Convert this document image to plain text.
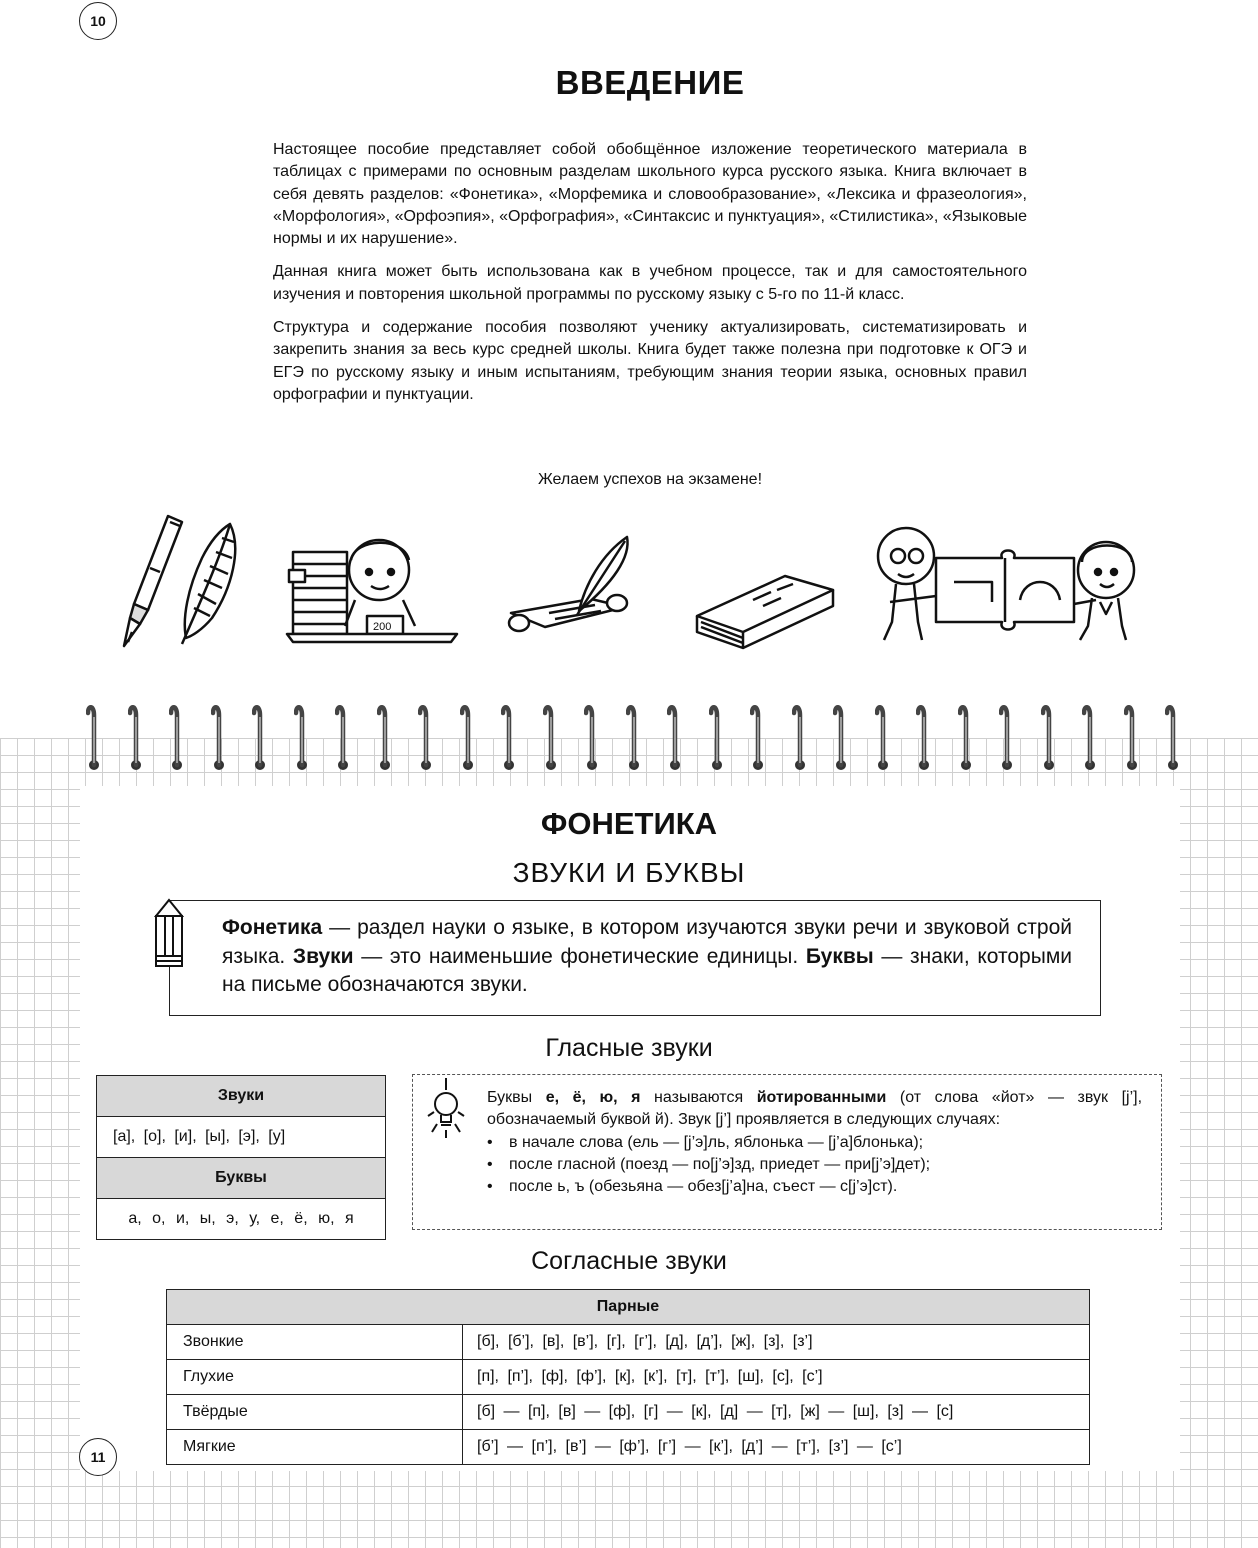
10
ВВЕДЕНИЕ

Настоящее пособие представляет собой обобщённое изложение теоретического материала в таблицах с примерами по основным разделам школьного курса русского языка. Книга включает в себя девять разделов: «Фонетика», «Морфемика и словообразование», «Лексика и фразеология», «Морфология», «Орфоэпия», «Орфография», «Синтаксис и пунктуация», «Стилистика», «Языковые нормы и их нарушение».

Данная книга может быть использована как в учебном процессе, так и для самостоятельного изучения и повторения школьной программы по русскому языку с 5-го по 11-й класс.

Структура и содержание пособия позволяют ученику актуализировать, систематизировать и закрепить знания за весь курс средней школы. Книга будет также полезна при подготовке к ОГЭ и ЕГЭ по русскому языку и иным испытаниям, требующим знания теории языка, основных правил орфографии и пунктуации.

Желаем успехов на экзамене!
200
ФОНЕТИКА
ЗВУКИ И БУКВЫ
Фонетика — раздел науки о языке, в котором изучаются звуки речи и звуковой строй языка. Звуки — это наименьшие фонетические единицы. Буквы — знаки, которыми на письме обозначаются звуки.
Гласные звуки
Звуки
[а], [о], [и], [ы], [э], [у]
Буквы
а, о, и, ы, э, у, е, ё, ю, я
Буквы е, ё, ю, я называются йотированными (от слова «йот» — звук [j’], обозначаемый буквой й). Звук [j’] проявляется в следующих случаях:
• в начале слова (ель — [j’э]ль, яблонька — [j’а]блонька);
• после гласной (поезд — по[j’э]зд, приедет — при[j’э]дет);
• после ь, ъ (обезьяна — обез[j’а]на, съест — с[j’э]ст).
Согласные звуки
Парные	
Звонкие	[б], [б’], [в], [в’], [г], [г’], [д], [д’], [ж], [з], [з’]
Глухие	[п], [п’], [ф], [ф’], [к], [к’], [т], [т’], [ш], [с], [с’]
Твёрдые	[б] — [п], [в] — [ф], [г] — [к], [д] — [т], [ж] — [ш], [з] — [с]
Мягкие	[б’] — [п’], [в’] — [ф’], [г’] — [к’], [д’] — [т’], [з’] — [с’]
11
